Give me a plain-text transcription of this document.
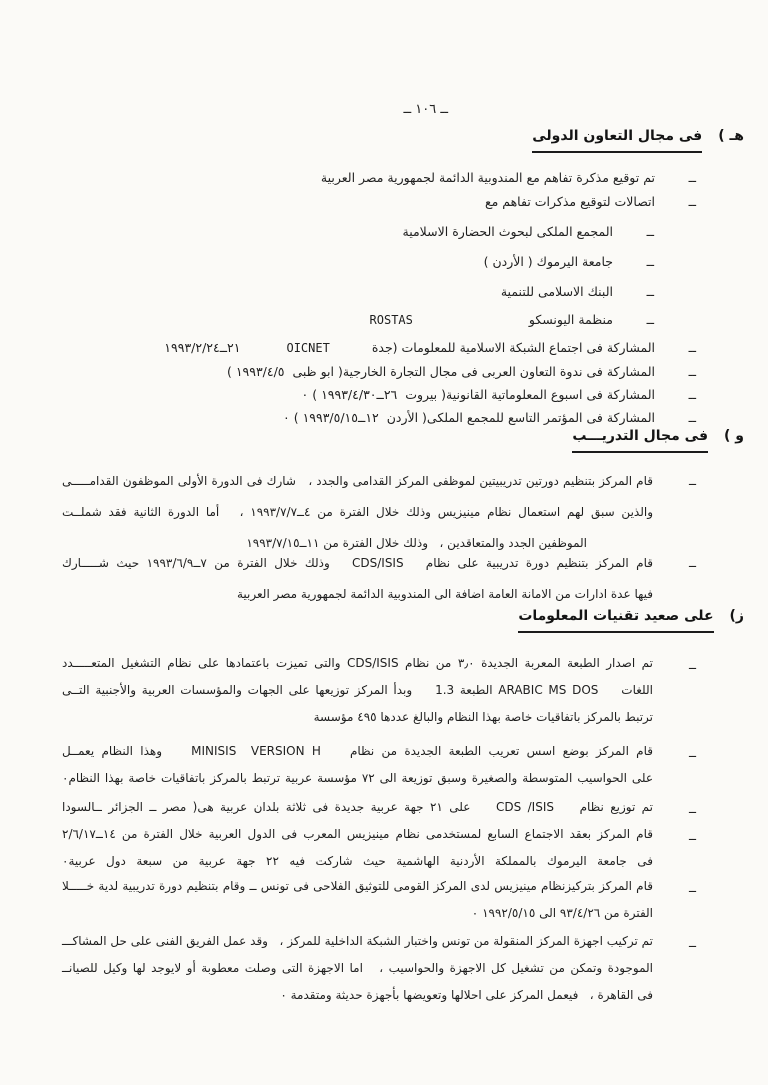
ــ ١٠٦ ــ
هـ )
فى مجال التعاون الدولى
ــ
تم توقيع مذكرة تفاهم مع المندوبية الدائمة لجمهورية مصر العربية
ــ
اتصالات لتوقيع مذكرات تفاهم مع
ــ
المجمع الملكى لبحوث الحضارة الاسلامية
ــ
جامعة اليرموك ( الأردن )
ــ
البنك الاسلامى للتنمية
ــ
منظمة اليونسكو
ROSTAS
ــ
المشاركة فى اجتماع الشبكة الاسلامية للمعلومات (جدة
OICNET
٢١ــ١٩٩٣/٢/٢٤
ــ
المشاركة فى ندوة التعاون العربى فى مجال التجارة الخارجية( ابو ظبى  ١٩٩٣/٤/٥ )
ــ
المشاركة فى اسبوع المعلوماتية القانونية( بيروت  ٢٦ــ١٩٩٣/٤/٣٠ ) ٠
ــ
المشاركة فى المؤتمر التاسع للمجمع الملكى( الأردن  ١٢ــ١٩٩٣/٥/١٥ ) ٠
و )
فى مجال التدريـــب
ــ
قام المركز بتنظيم دورتين تدريبيتين لموظفى المركز القدامى والجدد ،   شارك فى الدورة الأولى الموظفون القدامـــــى
والذين سبق لهم استعمال نظام مينيزيس وذلك خلال الفترة من ٤ــ١٩٩٣/٧/٧ ،   أما الدورة الثانية فقد شملــت
الموظفين الجدد والمتعاقدين ،   وذلك خلال الفترة من ١١ــ١٩٩٣/٧/١٥
ــ
قام المركز بتنظيم دورة تدريبية على نظام   CDS/ISIS   وذلك خلال الفترة من ٧ــ١٩٩٣/٦/٩ حيث شـــــارك
فيها عدة ادارات من الامانة العامة اضافة الى المندوبية الدائمة لجمهورية مصر العربية
ز)
على صعيد تقنيات المعلومات
ــ
تم اصدار الطبعة المعربة الجديدة ٣٫٠ من نظام CDS/ISIS والتى تميزت باعتمادها على نظام التشغيل المتعـــــدد
اللغات    ARABIC MS DOS الطبعة 1.3    وبدأ المركز توزيعها على الجهات والمؤسسات العربية والأجنبية التــى
ترتبط بالمركز باتفاقيات خاصة بهذا النظام والبالغ عددها ٤٩٥ مؤسسة
ــ
قام المركز بوضع اسس تعريب الطبعة الجديدة من نظام    MINISIS  VERSION H    وهذا النظام يعمــل
على الحواسيب المتوسطة والصغيرة وسبق توزيعة الى ٧٢ مؤسسة عربية ترتبط بالمركز باتفاقيات خاصة بهذا النظام٠
ــ
تم توزيع نظام    CDS /ISIS    على ٢١ جهة عربية جديدة فى ثلاثة بلدان عربية هى( مصر ــ الجزائر ــالسودا
ــ
قام المركز بعقد الاجتماع السابع لمستخدمى نظام مينيزيس المعرب فى الدول العربية خلال الفترة من ١٤ــ٢/٦/١٧
فى جامعة اليرموك بالمملكة الأردنية الهاشمية حيث شاركت فيه ٢٢ جهة عربية من سبعة دول عربية٠
ــ
قام المركز بتركيزنظام مينيزيس لدى المركز القومى للتوثيق الفلاحى فى تونس ــ وقام بتنظيم دورة تدريبية لدية خـــــلا
الفترة من ٩٣/٤/٢٦ الى ١٩٩٢/٥/١٥ ٠
ــ
تم تركيب اجهزة المركز المنقولة من تونس واختبار الشبكة الداخلية للمركز ،   وقد عمل الفريق الفنى على حل المشاكـــ
الموجودة وتمكن من تشغيل كل الاجهزة والحواسيب ،   اما الاجهزة التى وصلت معطوبة أو لايوجد لها وكيل للصيانــ
فى القاهرة ،   فيعمل المركز على احلالها وتعويضها بأجهزة حديثة ومتقدمة ٠
